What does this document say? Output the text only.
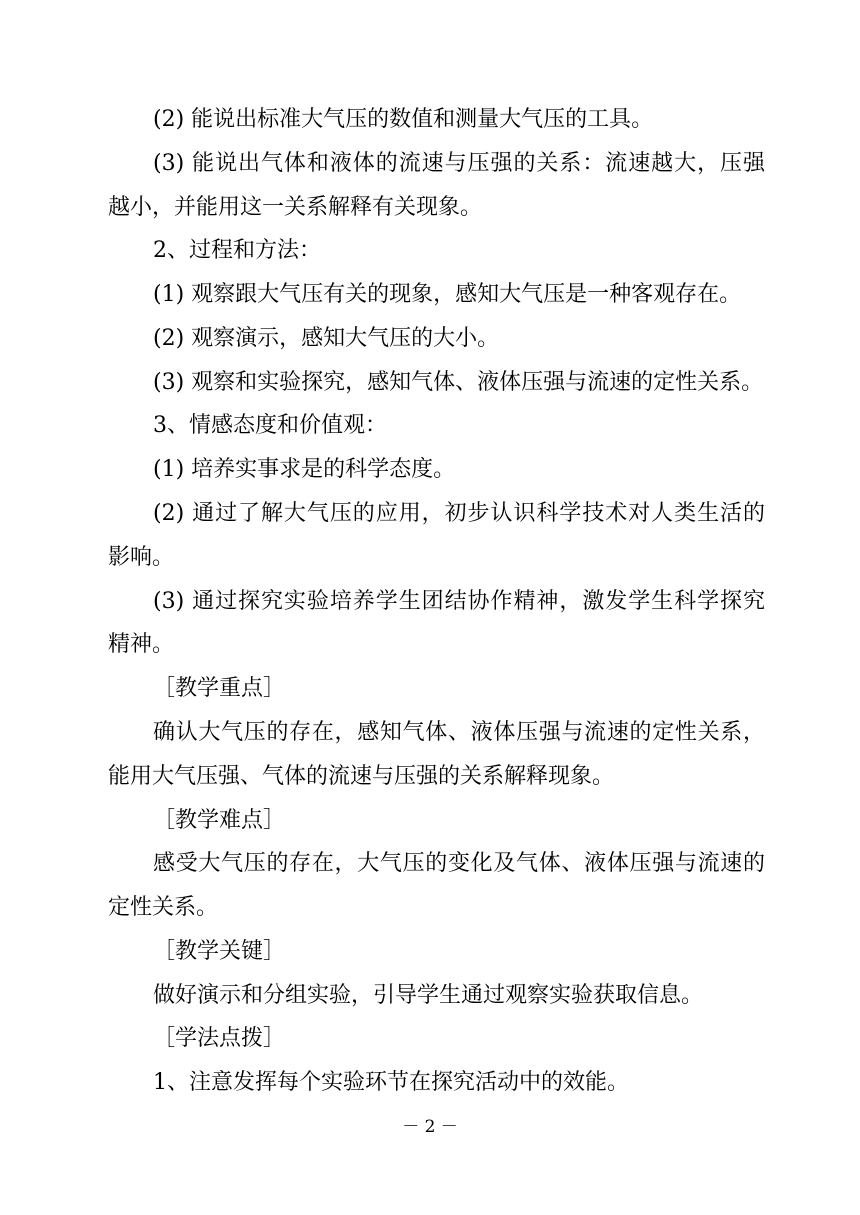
(2) 能说出标准大气压的数值和测量大气压的工具。
(3) 能说出气体和液体的流速与压强的关系：流速越大，压强
越小，并能用这一关系解释有关现象。
2、过程和方法：
(1) 观察跟大气压有关的现象，感知大气压是一种客观存在。
(2) 观察演示，感知大气压的大小。
(3) 观察和实验探究，感知气体、液体压强与流速的定性关系。
3、情感态度和价值观：
(1) 培养实事求是的科学态度。
(2) 通过了解大气压的应用，初步认识科学技术对人类生活的
影响。
(3) 通过探究实验培养学生团结协作精神，激发学生科学探究
精神。
［教学重点］
确认大气压的存在，感知气体、液体压强与流速的定性关系，
能用大气压强、气体的流速与压强的关系解释现象。
［教学难点］
感受大气压的存在，大气压的变化及气体、液体压强与流速的
定性关系。
［教学关键］
做好演示和分组实验，引导学生通过观察实验获取信息。
［学法点拨］
1、注意发挥每个实验环节在探究活动中的效能。
－ 2 －
